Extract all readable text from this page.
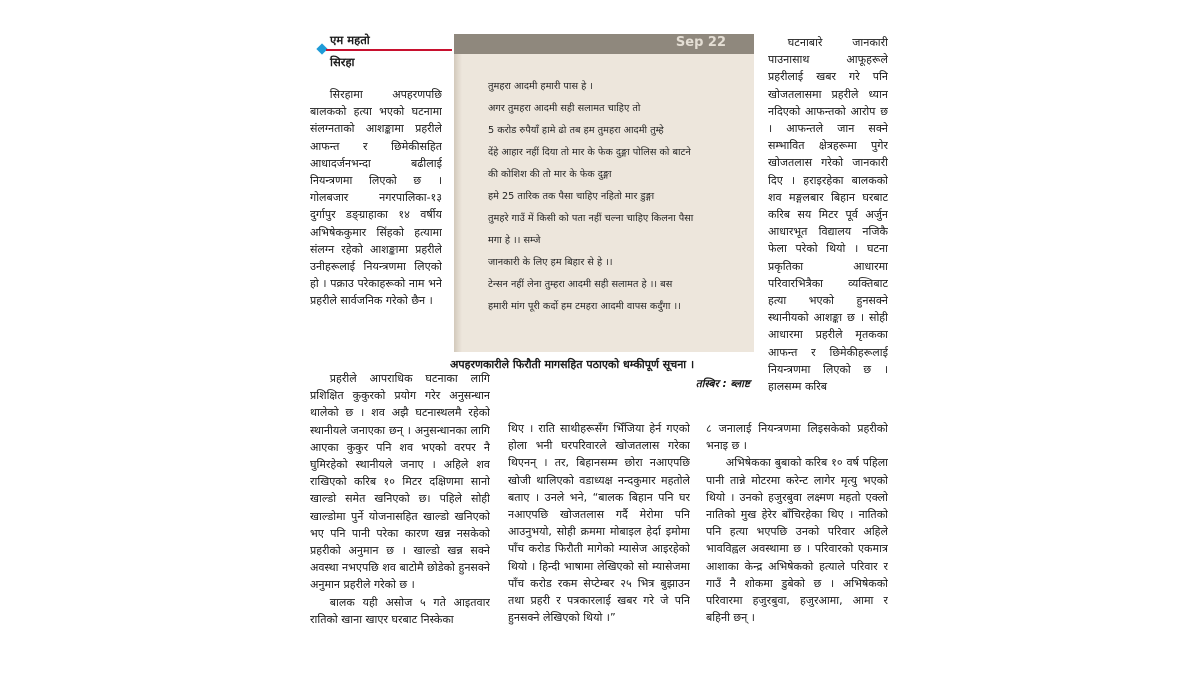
एम महतो
सिरहा

सिरहामा अपहरणपछि बालकको हत्या भएको घटनामा संलग्नताको आशङ्कामा प्रहरीले आफन्त र छिमेकीसहित आधादर्जनभन्दा बढीलाई नियन्त्रणमा लिएको छ । गोलबजार नगरपालिका-१३ दुर्गापुर डङ्ग्राहाका १४ वर्षीय अभिषेककुमार सिंहको हत्यामा संलग्न रहेको आशङ्कामा प्रहरीले उनीहरूलाई नियन्त्रणमा लिएको हो । पक्राउ परेकाहरूको नाम भने प्रहरीले सार्वजनिक गरेको छैन ।

प्रहरीले आपराधिक घटनाका लागि प्रशिक्षित कुकुरको प्रयोग गरेर अनुसन्धान थालेको छ । शव अझै घटनास्थलमै रहेको स्थानीयले जनाएका छन् । अनुसन्धानका लागि आएका कुकुर पनि शव भएको वरपर नै घुमिरहेको स्थानीयले जनाए । अहिले शव राखिएको करिब १० मिटर दक्षिणमा सानो खाल्डो समेत खनिएको छ। पहिले सोही खाल्डोमा पुर्ने योजनासहित खाल्डो खनिएको भए पनि पानी परेका कारण खन्न नसकेको प्रहरीको अनुमान छ । खाल्डो खन्न सक्ने अवस्था नभएपछि शव बाटोमै छोडेको हुनसक्ने अनुमान प्रहरीले गरेको छ ।

बालक यही असोज ५ गते आइतवार रातिको खाना खाएर घरबाट निस्केका

Sep 22
तुमहरा आदमी हमारी पास हे ।
अगर तुमहरा आदमी सही सलामत चाहिए तो
5 करोड रुपैयाँ हामे ढो तब हम तुमहरा आदमी तुम्हे
देंहे आहार नहीं दिया तो मार के फेक दुङ्गा पोलिस को बाटने
की कोशिश की तो मार के फेक दुङ्गा
हमे 25 तारिक तक पैसा चाहिए नहितो मार डुङ्गा
तुमहरे गाउँ में किसी को पता नहीं चल्ना चाहिए किलना पैसा
मगा हे ।। सम्जे
जानकारी के लिए हम बिहार से हे ।।
टेन्सन नहीं लेना तुम्हरा आदमी सही सलामत हे ।। बस
हमारी मांग पूरी कर्दो हम टमहरा आदमी वापस कर्दुँगा ।।
अपहरणकारीले फिरौती मागसहित पठाएको धम्कीपूर्ण सूचना ।
तस्बिर : ब्लाष्ट

थिए । राति साथीहरूसँग भिँजिया हेर्न गएको होला भनी घरपरिवारले खोजतलास गरेका थिएनन् । तर, बिहानसम्म छोरा नआएपछि खोजी थालिएको वडाध्यक्ष नन्दकुमार महतोले बताए । उनले भने, “बालक बिहान पनि घर नआएपछि खोजतलास गर्दै मेरोमा पनि आउनुभयो, सोही क्रममा मोबाइल हेर्दा इमोमा पाँच करोड फिरौती मागेको म्यासेज आइरहेको थियो । हिन्दी भाषामा लेखिएको सो म्यासेजमा पाँच करोड रकम सेप्टेम्बर २५ भित्र बुझाउन तथा प्रहरी र पत्रकारलाई खबर गरे जे पनि हुनसक्ने लेखिएको थियो ।”

घटनाबारे जानकारी पाउनासाथ आफूहरूले प्रहरीलाई खबर गरे पनि खोजतलासमा प्रहरीले ध्यान नदिएको आफन्तको आरोप छ । आफन्तले जान सक्ने सम्भावित क्षेत्रहरूमा पुगेर खोजतलास गरेको जानकारी दिए । हराइरहेका बालकको शव मङ्गलबार बिहान घरबाट करिब सय मिटर पूर्व अर्जुन आधारभूत विद्यालय नजिकै फेला परेको थियो । घटना प्रकृतिका आधारमा परिवारभित्रैका व्यक्तिबाट हत्या भएको हुनसक्ने स्थानीयको आशङ्का छ । सोही आधारमा प्रहरीले मृतकका आफन्त र छिमेकीहरूलाई नियन्त्रणमा लिएको छ । हालसम्म करिब

८ जनालाई नियन्त्रणमा लिइसकेको प्रहरीको भनाइ छ ।

अभिषेकका बुबाको करिब १० वर्ष पहिला पानी तान्ने मोटरमा करेन्ट लागेर मृत्यु भएको थियो । उनको हजुरबुवा लक्ष्मण महतो एक्लो नातिको मुख हेरेर बाँचिरहेका थिए । नातिको पनि हत्या भएपछि उनको परिवार अहिले भावविह्वल अवस्थामा छ । परिवारको एकमात्र आशाका केन्द्र अभिषेकको हत्याले परिवार र गाउँ नै शोकमा डुबेको छ । अभिषेकको परिवारमा हजुरबुवा, हजुरआमा, आमा र बहिनी छन् ।
